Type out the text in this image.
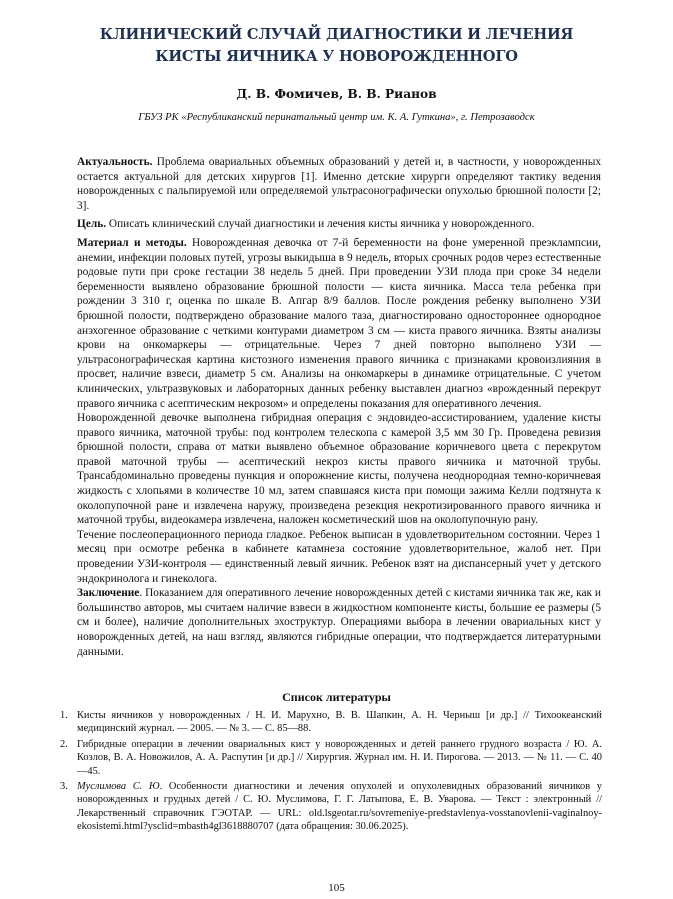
КЛИНИЧЕСКИЙ СЛУЧАЙ ДИАГНОСТИКИ И ЛЕЧЕНИЯ
КИСТЫ ЯИЧНИКА У НОВОРОЖДЕННОГО
Д. В. Фомичев, В. В. Рианов
ГБУЗ РК «Республиканский перинатальный центр им. К. А. Гуткина», г. Петрозаводск

Актуальность. Проблема овариальных объемных образований у детей и, в частности, у новорожденных остается актуальной для детских хирургов [1]. Именно детские хирурги определяют тактику ведения новорожденных с пальпируемой или определяемой ультрасонографически опухолью брюшной полости [2; 3].

Цель. Описать клинический случай диагностики и лечения кисты яичника у новорожденного.

Материал и методы. Новорожденная девочка от 7-й беременности на фоне умеренной преэклампсии, анемии, инфекции половых путей, угрозы выкидыша в 9 недель, вторых срочных родов через естественные родовые пути при сроке гестации 38 недель 5 дней. При проведении УЗИ плода при сроке 34 недели беременности выявлено образование брюшной полости — киста яичника. Масса тела ребенка при рождении 3 310 г, оценка по шкале В. Апгар 8/9 баллов. После рождения ребенку выполнено УЗИ брюшной полости, подтверждено образование малого таза, диагностировано одностороннее однородное анэхогенное образование с четкими контурами диаметром 3 см — киста правого яичника. Взяты анализы крови на онкомаркеры — отрицательные. Через 7 дней повторно выполнено УЗИ — ультрасонографическая картина кистозного изменения правого яичника с признаками кровоизлияния в просвет, наличие взвеси, диаметр 5 см. Анализы на онкомаркеры в динамике отрицательные. С учетом клинических, ультразвуковых и лабораторных данных ребенку выставлен диагноз «врожденный перекрут правого яичника с асептическим некрозом» и определены показания для оперативного лечения.

Новорожденной девочке выполнена гибридная операция с эндовидео-ассистированием, удаление кисты правого яичника, маточной трубы: под контролем телескопа с камерой 3,5 мм 30 Гр. Проведена ревизия брюшной полости, справа от матки выявлено объемное образование коричневого цвета с перекрутом правой маточной трубы — асептический некроз кисты правого яичника и маточной трубы. Трансабдоминально проведены пункция и опорожнение кисты, получена неоднородная темно-коричневая жидкость с хлопьями в количестве 10 мл, затем спавшаяся киста при помощи зажима Келли подтянута к околопупочной ране и извлечена наружу, произведена резекция некротизированного правого яичника и маточной трубы, видеокамера извлечена, наложен косметический шов на околопупочную рану.

Течение послеоперационного периода гладкое. Ребенок выписан в удовлетворительном состоянии. Через 1 месяц при осмотре ребенка в кабинете катамнеза состояние удовлетворительное, жалоб нет. При проведении УЗИ-контроля — единственный левый яичник. Ребенок взят на диспансерный учет у детского эндокринолога и гинеколога.

Заключение. Показанием для оперативного лечение новорожденных детей с кистами яичника так же, как и большинство авторов, мы считаем наличие взвеси в жидкостном компоненте кисты, большие ее размеры (5 см и более), наличие дополнительных эхоструктур. Операциями выбора в лечении овариальных кист у новорожденных детей, на наш взгляд, являются гибридные операции, что подтверждается литературными данными.

Список литературы
1. Кисты яичников у новорожденных / Н. И. Марухно, В. В. Шапкин, А. Н. Черныш [и др.] // Тихоокеанский медицинский журнал. — 2005. — № 3. — С. 85—88.
2. Гибридные операции в лечении овариальных кист у новорожденных и детей раннего грудного возраста / Ю. А. Козлов, В. А. Новожилов, А. А. Распутин [и др.] // Хирургия. Журнал им. Н. И. Пирогова. — 2013. — № 11. — С. 40—45.
3. Муслимова С. Ю. Особенности диагностики и лечения опухолей и опухолевидных образований яичников у новорожденных и грудных детей / С. Ю. Муслимова, Г. Г. Латыпова, Е. В. Уварова. — Текст : электронный // Лекарственный справочник ГЭОТАР. — URL: old.lsgeotar.ru/sovremeniye-predstavlenya-vosstanovlenii-vaginalnoy-ekosistemi.html?ysclid=mbasth4gl3618880707 (дата обращения: 30.06.2025).
105
